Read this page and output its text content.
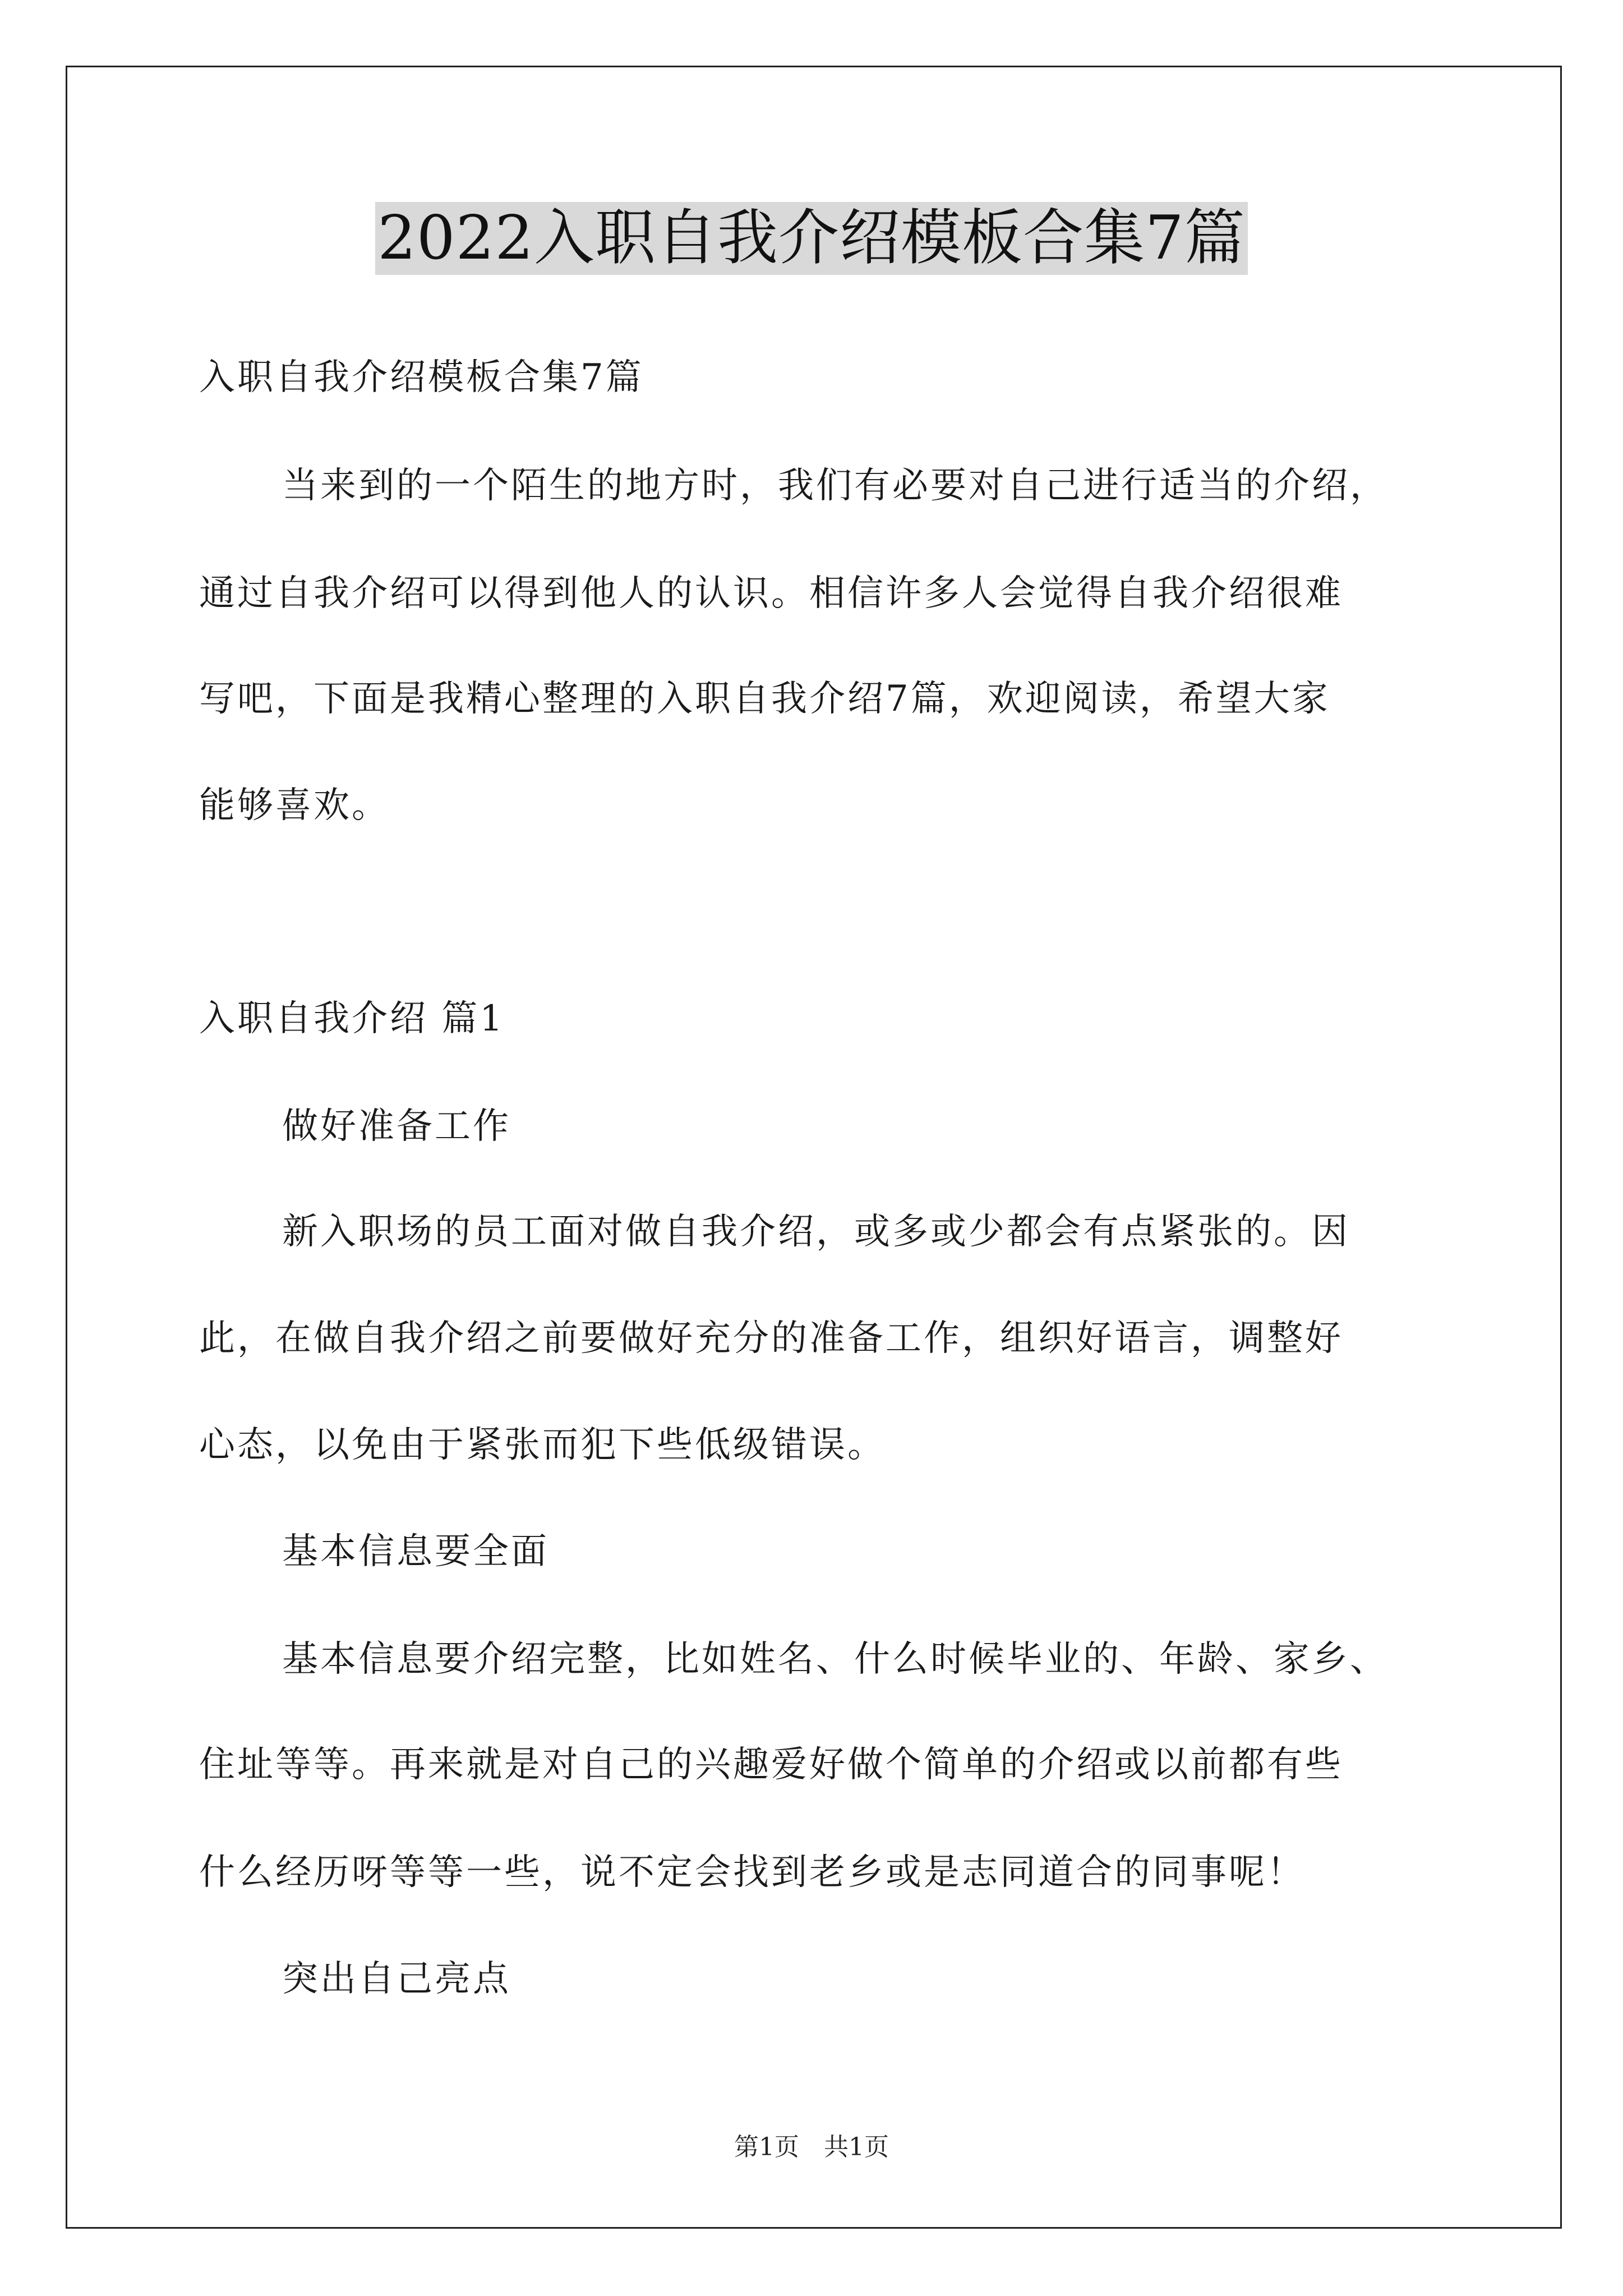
2022入职自我介绍模板合集7篇
入职自我介绍模板合集7篇
当来到的一个陌生的地方时，我们有必要对自己进行适当的介绍，
通过自我介绍可以得到他人的认识。相信许多人会觉得自我介绍很难
写吧，下面是我精心整理的入职自我介绍7篇，欢迎阅读，希望大家
能够喜欢。
入职自我介绍 篇1
做好准备工作
新入职场的员工面对做自我介绍，或多或少都会有点紧张的。因
此，在做自我介绍之前要做好充分的准备工作，组织好语言，调整好
心态，以免由于紧张而犯下些低级错误。
基本信息要全面
基本信息要介绍完整，比如姓名、什么时候毕业的、年龄、家乡、
住址等等。再来就是对自己的兴趣爱好做个简单的介绍或以前都有些
什么经历呀等等一些，说不定会找到老乡或是志同道合的同事呢！
突出自己亮点
第1页　共1页
